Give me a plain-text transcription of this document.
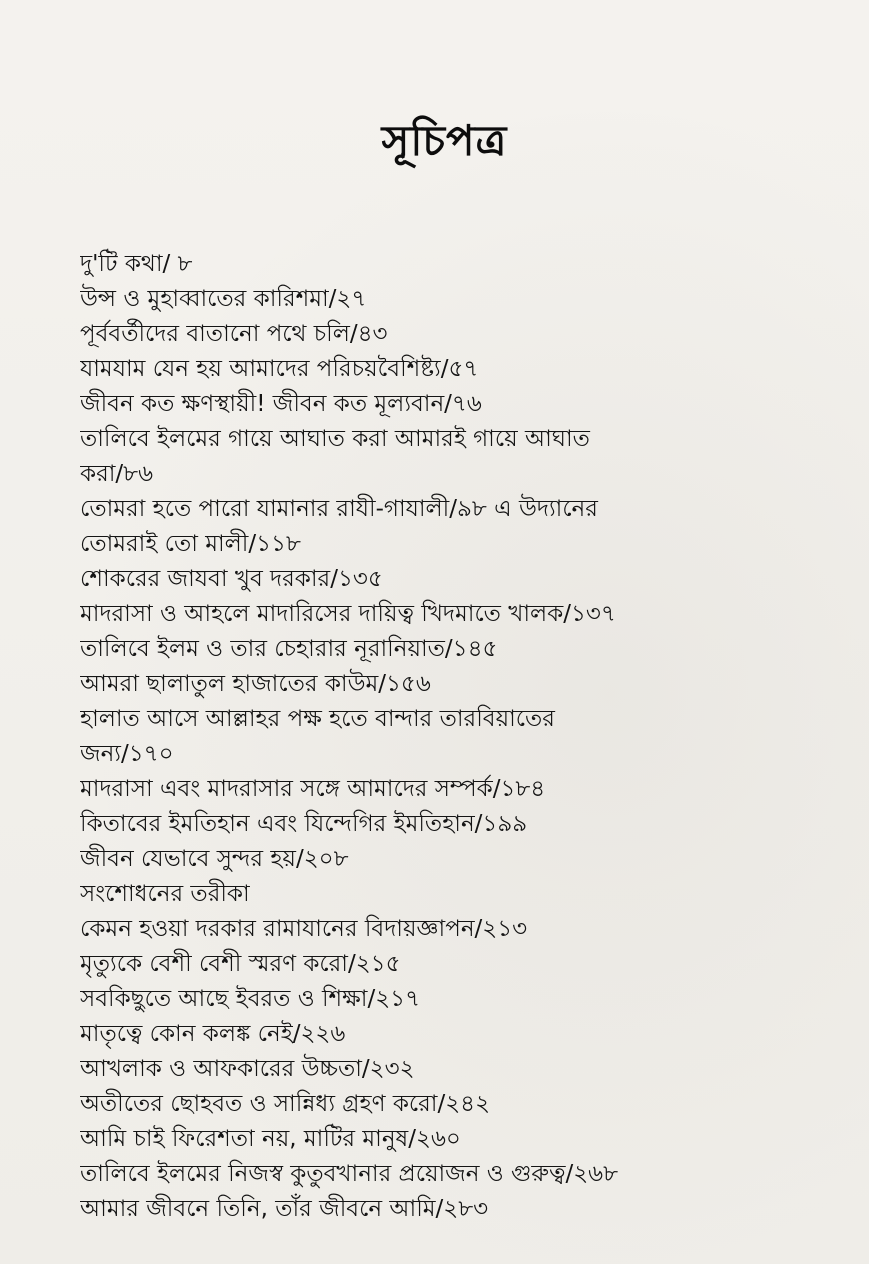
সূচিপত্র
দু'টি কথা/ ৮
উন্স ও মুহাব্বাতের কারিশমা/২৭
পূর্ববর্তীদের বাতানো পথে চলি/৪৩
যামযাম যেন হয় আমাদের পরিচয়বৈশিষ্ট্য/৫৭
জীবন কত ক্ষণস্থায়ী! জীবন কত মূল্যবান/৭৬
তালিবে ইলমের গায়ে আঘাত করা আমারই গায়ে আঘাত
করা/৮৬
তোমরা হতে পারো যামানার রাযী-গাযালী/৯৮ এ উদ্যানের
তোমরাই তো মালী/১১৮
শোকরের জাযবা খুব দরকার/১৩৫
মাদরাসা ও আহলে মাদারিসের দায়িত্ব খিদমাতে খালক/১৩৭
তালিবে ইলম ও তার চেহারার নূরানিয়াত/১৪৫
আমরা ছালাতুল হাজাতের কাউম/১৫৬
হালাত আসে আল্লাহর পক্ষ হতে বান্দার তারবিয়াতের
জন্য/১৭০
মাদরাসা এবং মাদরাসার সঙ্গে আমাদের সম্পর্ক/১৮৪
কিতাবের ইমতিহান এবং যিন্দেগির ইমতিহান/১৯৯
জীবন যেভাবে সুন্দর হয়/২০৮
সংশোধনের তরীকা
কেমন হওয়া দরকার রামাযানের বিদায়জ্ঞাপন/২১৩
মৃত্যুকে বেশী বেশী স্মরণ করো/২১৫
সবকিছুতে আছে ইবরত ও শিক্ষা/২১৭
মাতৃত্বে কোন কলঙ্ক নেই/২২৬
আখলাক ও আফকারের উচ্চতা/২৩২
অতীতের ছোহবত ও সান্নিধ্য গ্রহণ করো/২৪২
আমি চাই ফিরেশতা নয়, মাটির মানুষ/২৬০
তালিবে ইলমের নিজস্ব কুতুবখানার প্রয়োজন ও গুরুত্ব/২৬৮
আমার জীবনে তিনি, তাঁর জীবনে আমি/২৮৩
